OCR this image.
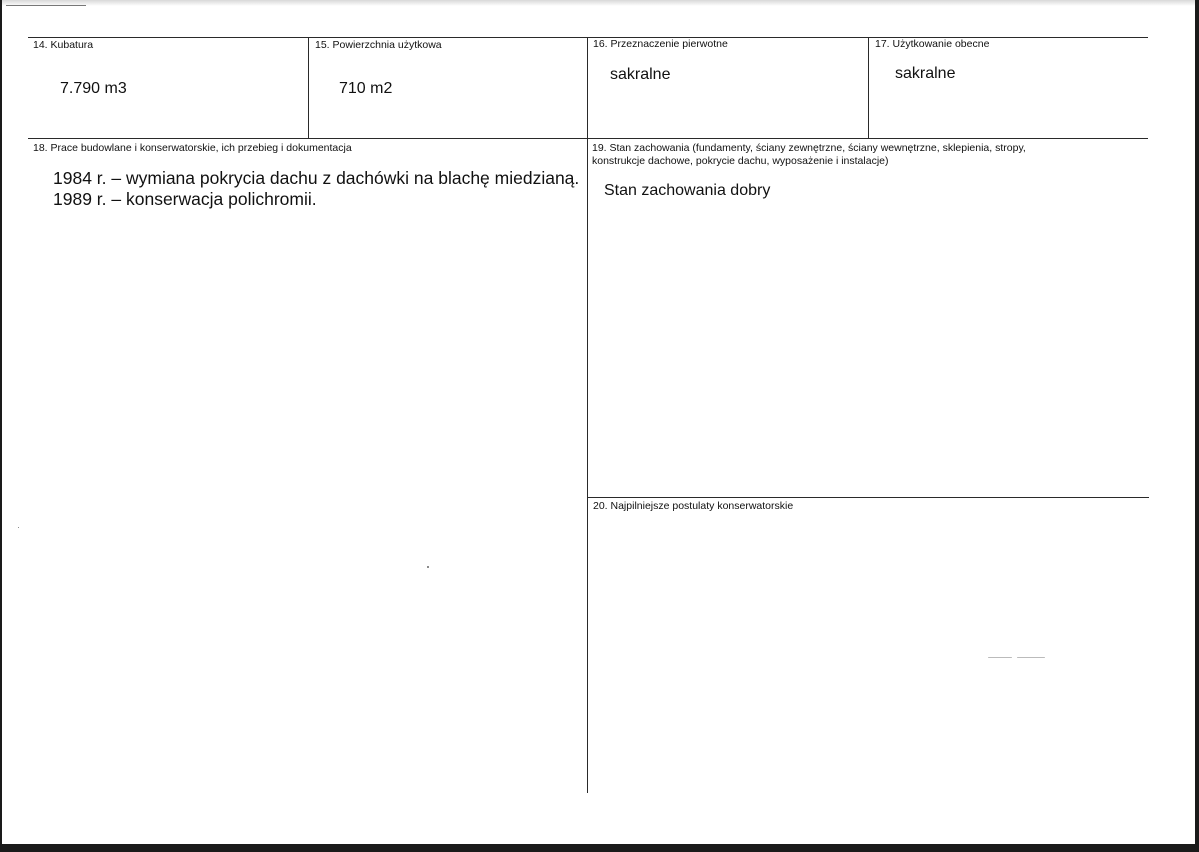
14. Kubatura
7.790 m3
15. Powierzchnia użytkowa
710 m2
16. Przeznaczenie pierwotne
sakralne
17. Użytkowanie obecne
sakralne
18. Prace budowlane i konserwatorskie, ich przebieg i dokumentacja
1984 r. – wymiana pokrycia dachu z dachówki na blachę miedzianą.
1989 r. – konserwacja polichromii.
19. Stan zachowania (fundamenty, ściany zewnętrzne, ściany wewnętrzne, sklepienia, stropy,
konstrukcje dachowe, pokrycie dachu, wyposażenie i instalacje)
Stan zachowania dobry
20. Najpilniejsze postulaty konserwatorskie
